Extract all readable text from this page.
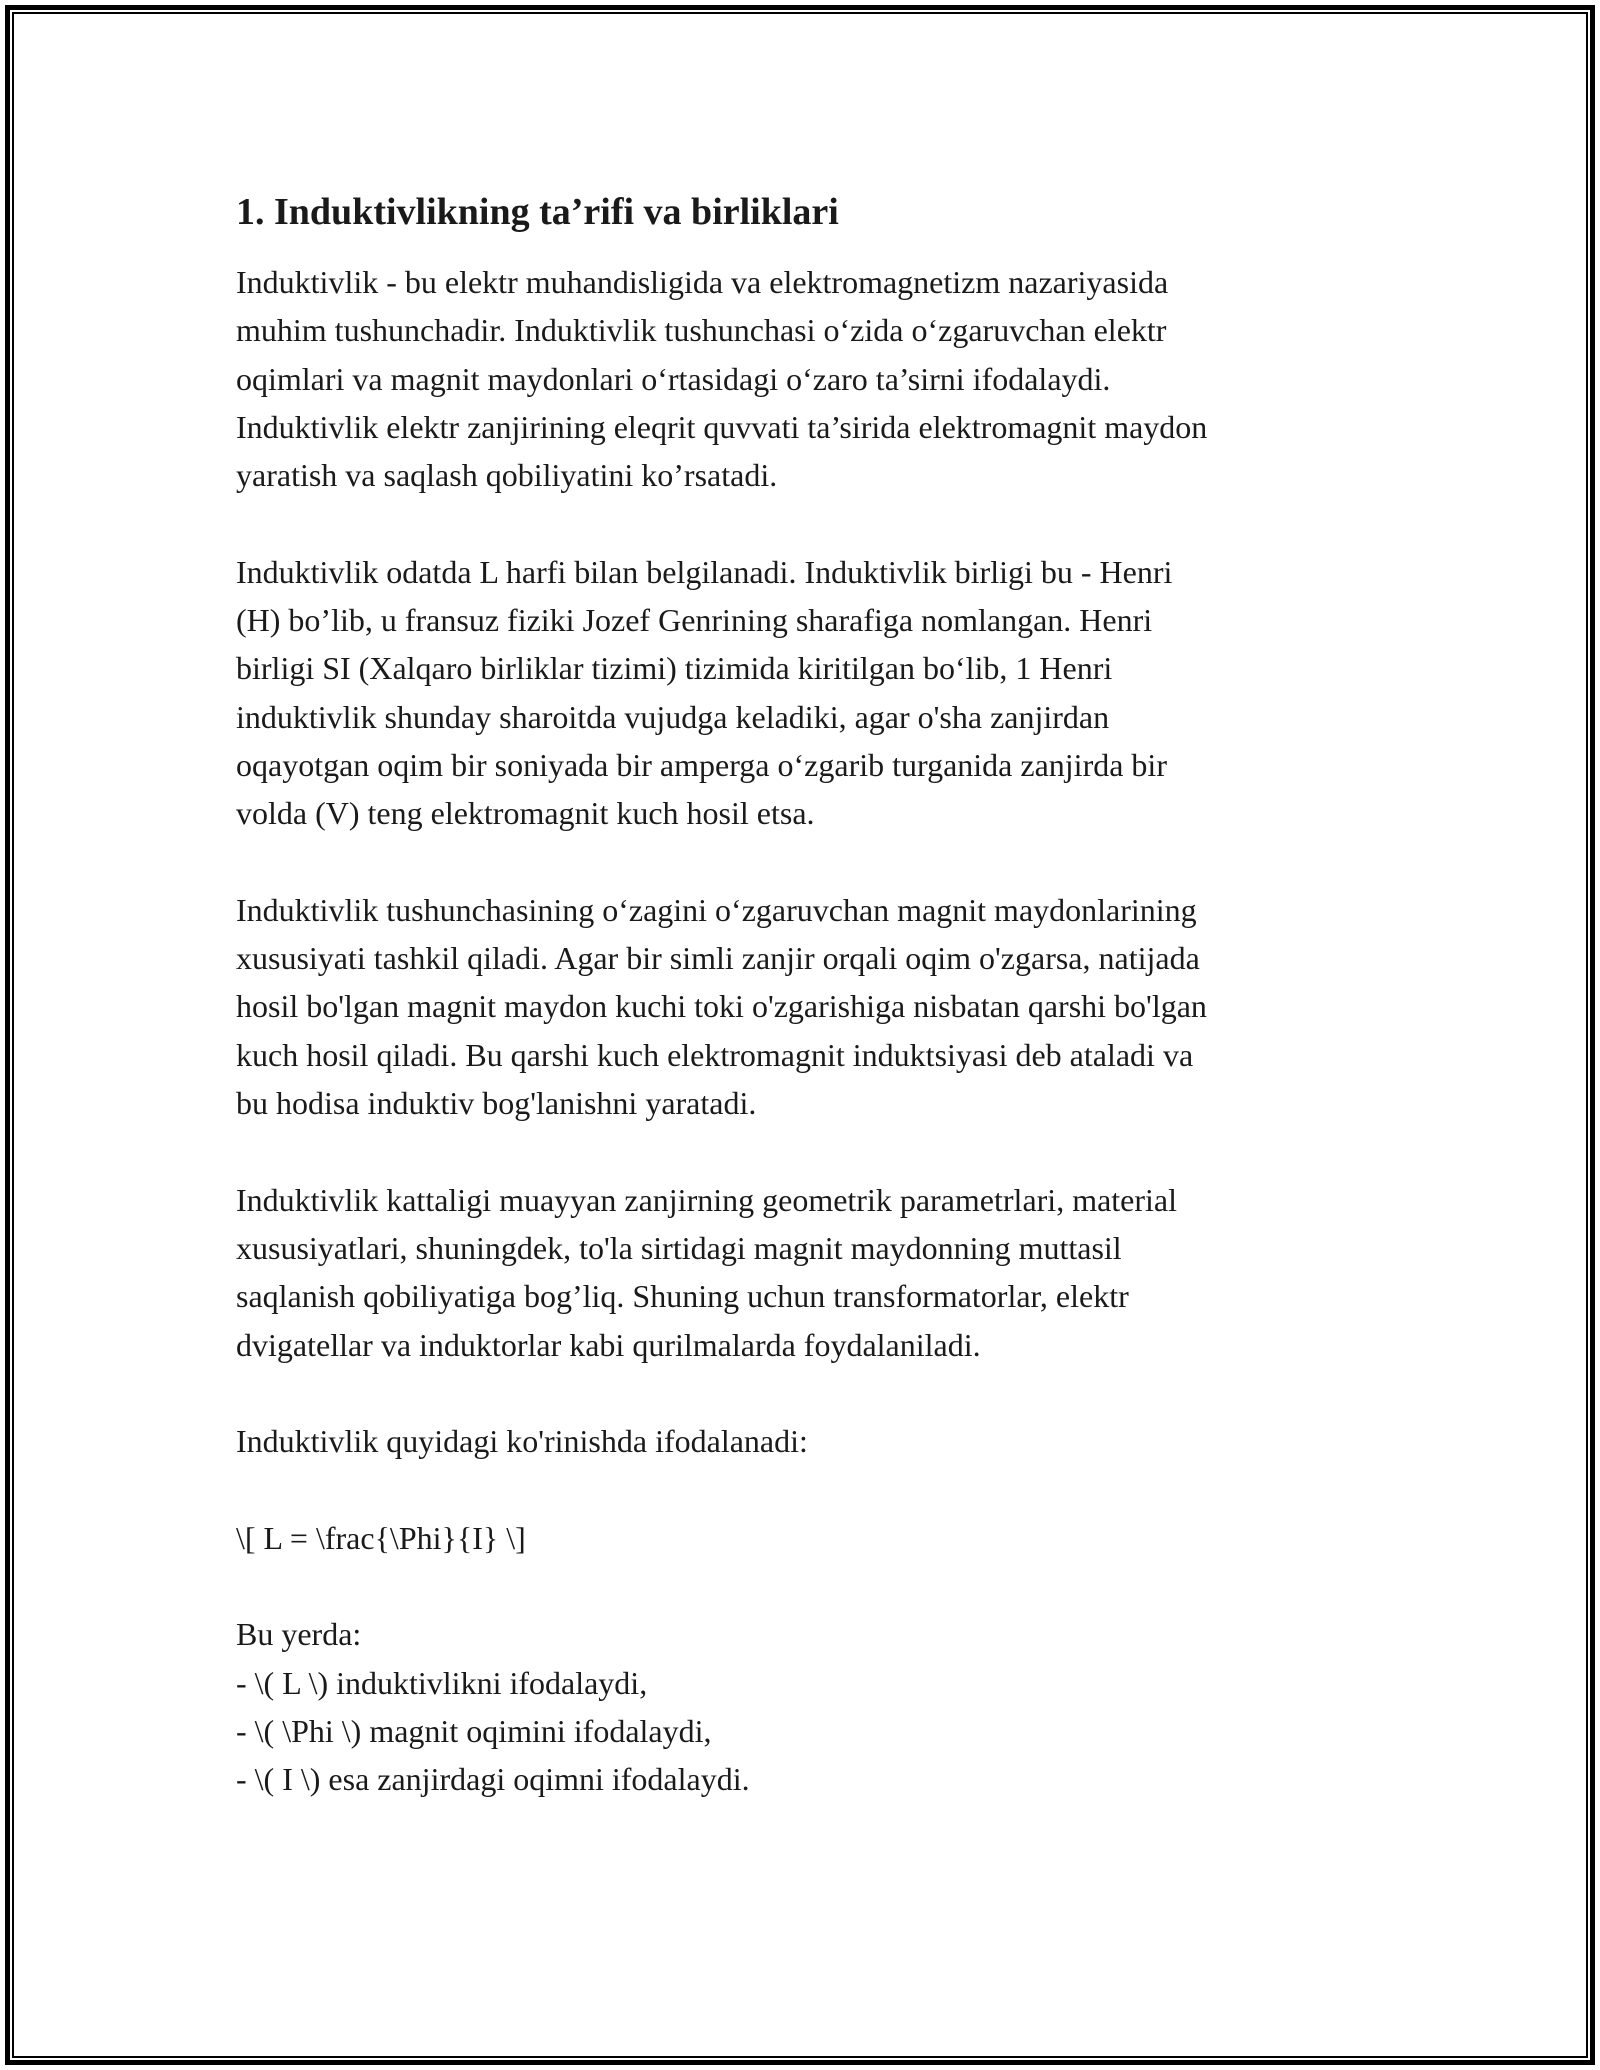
1. Induktivlikning ta’rifi va birliklari

Induktivlik - bu elektr muhandisligida va elektromagnetizm nazariyasida
muhim tushunchadir. Induktivlik tushunchasi o‘zida o‘zgaruvchan elektr
oqimlari va magnit maydonlari o‘rtasidagi o‘zaro ta’sirni ifodalaydi.
Induktivlik elektr zanjirining eleqrit quvvati ta’sirida elektromagnit maydon
yaratish va saqlash qobiliyatini ko’rsatadi.

Induktivlik odatda L harfi bilan belgilanadi. Induktivlik birligi bu - Henri
(H) bo’lib, u fransuz fiziki Jozef Genrining sharafiga nomlangan. Henri
birligi SI (Xalqaro birliklar tizimi) tizimida kiritilgan bo‘lib, 1 Henri
induktivlik shunday sharoitda vujudga keladiki, agar o'sha zanjirdan
oqayotgan oqim bir soniyada bir amperga o‘zgarib turganida zanjirda bir
volda (V) teng elektromagnit kuch hosil etsa.

Induktivlik tushunchasining o‘zagini o‘zgaruvchan magnit maydonlarining
xususiyati tashkil qiladi. Agar bir simli zanjir orqali oqim o'zgarsa, natijada
hosil bo'lgan magnit maydon kuchi toki o'zgarishiga nisbatan qarshi bo'lgan
kuch hosil qiladi. Bu qarshi kuch elektromagnit induktsiyasi deb ataladi va
bu hodisa induktiv bog'lanishni yaratadi.

Induktivlik kattaligi muayyan zanjirning geometrik parametrlari, material
xususiyatlari, shuningdek, to'la sirtidagi magnit maydonning muttasil
saqlanish qobiliyatiga bog’liq. Shuning uchun transformatorlar, elektr
dvigatellar va induktorlar kabi qurilmalarda foydalaniladi.

Induktivlik quyidagi ko'rinishda ifodalanadi:

\[ L = \frac{\Phi}{I} \]

Bu yerda:

- \( L \) induktivlikni ifodalaydi,

- \( \Phi \) magnit oqimini ifodalaydi,

- \( I \) esa zanjirdagi oqimni ifodalaydi.
